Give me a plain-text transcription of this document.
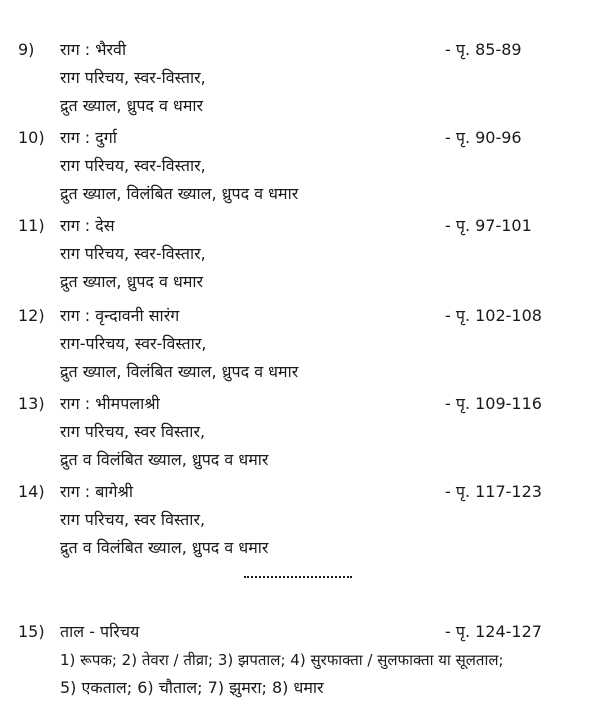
9) राग : भैरवी	- पृ. 85-89
राग परिचय, स्वर-विस्तार,
द्रुत ख्याल, ध्रुपद व धमार
10) राग : दुर्गा	- पृ. 90-96
राग परिचय, स्वर-विस्तार,
द्रुत ख्याल, विलंबित ख्याल, ध्रुपद व धमार
11) राग : देस	- पृ. 97-101
राग परिचय, स्वर-विस्तार,
द्रुत ख्याल, ध्रुपद व धमार
12) राग : वृन्दावनी सारंग	- पृ. 102-108
राग-परिचय, स्वर-विस्तार,
द्रुत ख्याल, विलंबित ख्याल, ध्रुपद व धमार
13) राग : भीमपलाश्री	- पृ. 109-116
राग परिचय, स्वर विस्तार,
द्रुत व विलंबित ख्याल, ध्रुपद व धमार
14) राग : बागेश्री	- पृ. 117-123
राग परिचय, स्वर विस्तार,
द्रुत व विलंबित ख्याल, ध्रुपद व धमार
15) ताल - परिचय	- पृ. 124-127
1) रूपक; 2) तेवरा / तीव्रा; 3) झपताल; 4) सुरफाक्ता / सुलफाक्ता या सूलताल;
5) एकताल; 6) चौताल; 7) झुमरा; 8) धमार
